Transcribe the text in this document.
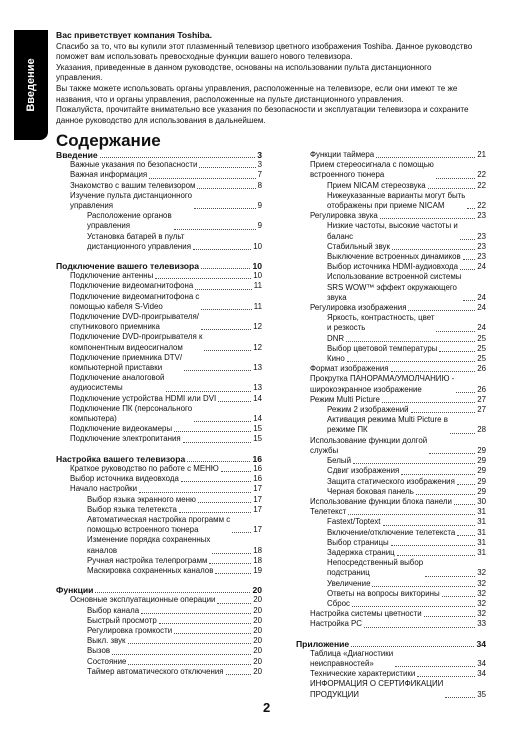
Введение

Вас приветствует компания Toshiba.

Спасибо за то, что вы купили этот плазменный телевизор цветного изображения Toshiba. Данное руководство поможет вам использовать превосходные функции вашего нового телевизора.

Указания, приведенные в данном руководстве, основаны на использовании пульта дистанционного управления.

Вы также можете использовать органы управления, расположенные на телевизоре, если они имеют те же названия, что и органы управления, расположенные на пульте дистанционного управления.

Пожалуйста, прочитайте внимательно все указания по безопасности и эксплуатации телевизора и сохраните данное руководство для использования в дальнейшем.

Содержание
Введение	3
Важные указания по безопасности	3
Важная информация	7
Знакомство с вашим телевизором	8
Изучение пульта дистанционного
управления	9
Расположение органов
управления	9
Установка батарей в пульт
дистанционного управления	10
Подключение вашего телевизора	10
Подключение антенны	10
Подключение видеомагнитофона	11
Подключение видеомагнитофона с
помощью кабеля S-Video	11
Подключение DVD-проигрывателя/
спутникового приемника	12
Подключение DVD-проигрывателя к
компонентным видеосигналом	12
Подключение приемника DTV/
компьютерной приставки	13
Подключение аналоговой
аудиосистемы	13
Подключение устройства HDMI или DVI	14
Подключение ПК (персонального
компьютера)	14
Подключение видеокамеры	15
Подключение электропитания	15
Настройка вашего телевизора	16
Краткое руководство по работе с МЕНЮ	16
Выбор источника видеовхода	16
Начало настройки	17
Выбор языка экранного меню	17
Выбор языка телетекста	17
Автоматическая настройка программ с
помощью встроенного тюнера	17
Изменение порядка сохраненных
каналов	18
Ручная настройка телепрограмм	18
Маскировка сохраненных каналов	19
Функции	20
Основные эксплуатационные операции	20
Выбор канала	20
Быстрый просмотр	20
Регулировка громкости	20
Выкл. звук	20
Вызов	20
Состояние	20
Таймер автоматического отключения	20
Функции таймера	21
Прием стереосигнала с помощью
встроенного тюнера	22
Прием NICAM стереозвука	22
Нижеуказанные варианты могут быть
отображены при приеме NICAM	22
Регулировка звука	23
Низкие частоты, высокие частоты и
баланс	23
Стабильный звук	23
Выключение встроенных динамиков 23
Выбор источника HDMI-аудиовхода 24
Использование встроенной системы
SRS WOW™ эффект окружающего
звука	24
Регулировка изображения	24
Яркость, контрастность, цвет
и резкость	24
DNR	25
Выбор цветовой температуры	25
Кино	25
Формат изображения	26
Прокрутка ПАНОРАМА/УМОЛЧАНИЮ -
широкоэкранное изображение	26
Режим Multi Picture	27
Режим 2 изображений	27
Активация режима Multi Picture в
режиме ПК	28
Использование функции долгой
службы	29
Белый	29
Сдвиг изображения	29
Защита статического изображения	29
Черная боковая панель	29
Использование функции блока панели	30
Телетекст	31
Fastext/Toptext	31
Включение/отключение телетекста	31
Выбор страницы	31
Задержка страниц	31
Непосредственный выбор
подстраниц	32
Увеличение	32
Ответы на вопросы викторины	32
Сброс	32
Настройка системы цветности	32
Настройка PC	33
Приложение	34
Таблица «Диагностики
неисправностей»	34
Технические характеристики	34
ИНФОРМАЦИЯ О СЕРТИФИКАЦИИ
ПРОДУКЦИИ	35
2
